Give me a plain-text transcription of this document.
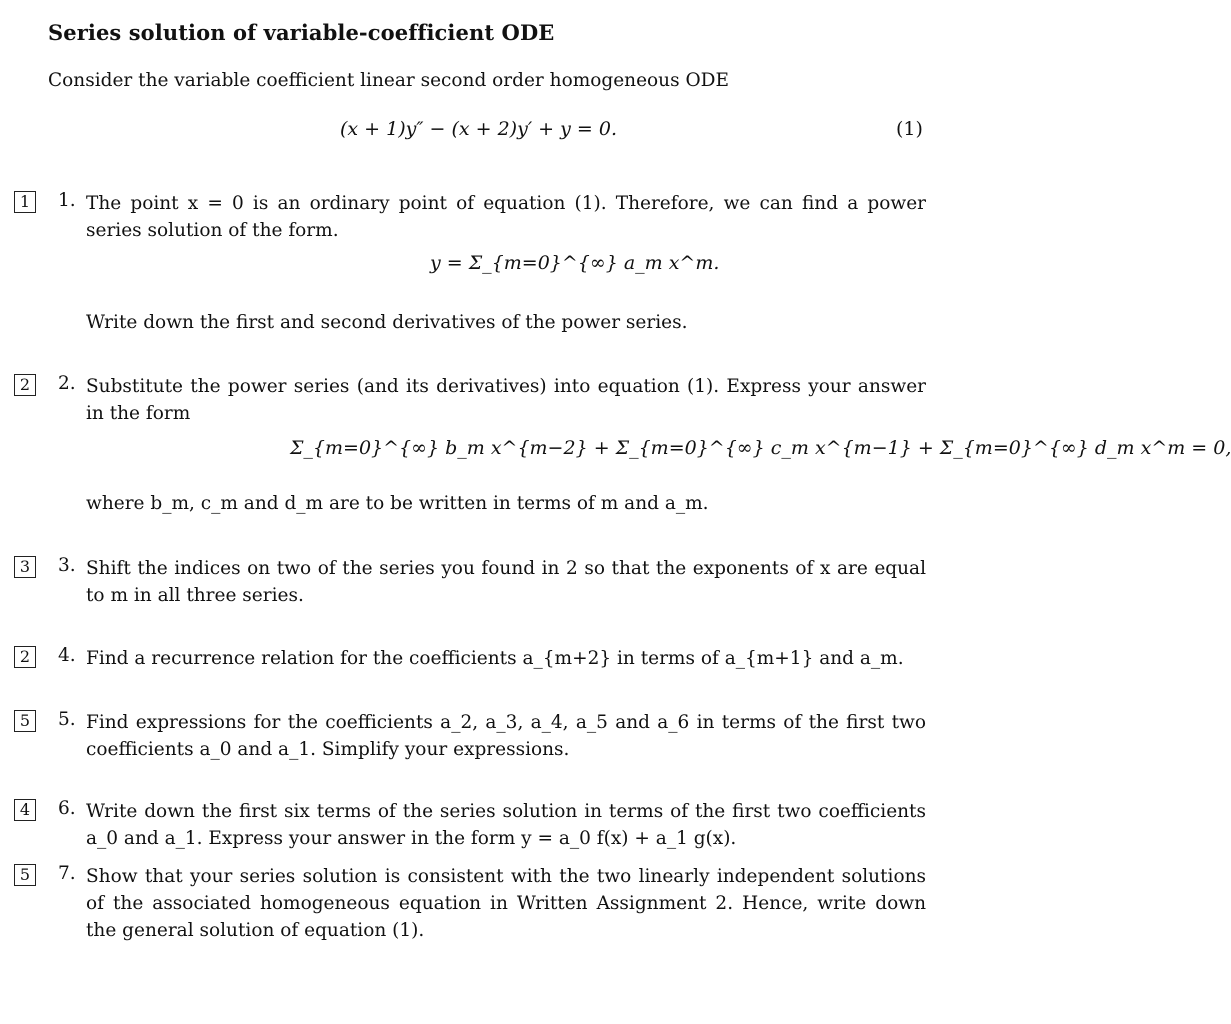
Series solution of variable-coefficient ODE
Consider the variable coefficient linear second order homogeneous ODE
(x + 1)y″ − (x + 2)y′ + y = 0.	(1)
1	1. The point x = 0 is an ordinary point of equation (1). Therefore, we can find a power series solution of the form.
y = Σ_{m=0}^{∞} a_m x^m.
Write down the first and second derivatives of the power series.
2	2. Substitute the power series (and its derivatives) into equation (1). Express your answer in the form
Σ_{m=0}^{∞} b_m x^{m−2} + Σ_{m=0}^{∞} c_m x^{m−1} + Σ_{m=0}^{∞} d_m x^m = 0,
where b_m, c_m and d_m are to be written in terms of m and a_m.
3	3. Shift the indices on two of the series you found in 2 so that the exponents of x are equal to m in all three series.
2	4. Find a recurrence relation for the coefficients a_{m+2} in terms of a_{m+1} and a_m.
5	5. Find expressions for the coefficients a_2, a_3, a_4, a_5 and a_6 in terms of the first two coefficients a_0 and a_1. Simplify your expressions.
4	6. Write down the first six terms of the series solution in terms of the first two coefficients a_0 and a_1. Express your answer in the form y = a_0 f(x) + a_1 g(x).
5	7. Show that your series solution is consistent with the two linearly independent solutions of the associated homogeneous equation in Written Assignment 2. Hence, write down the general solution of equation (1).
